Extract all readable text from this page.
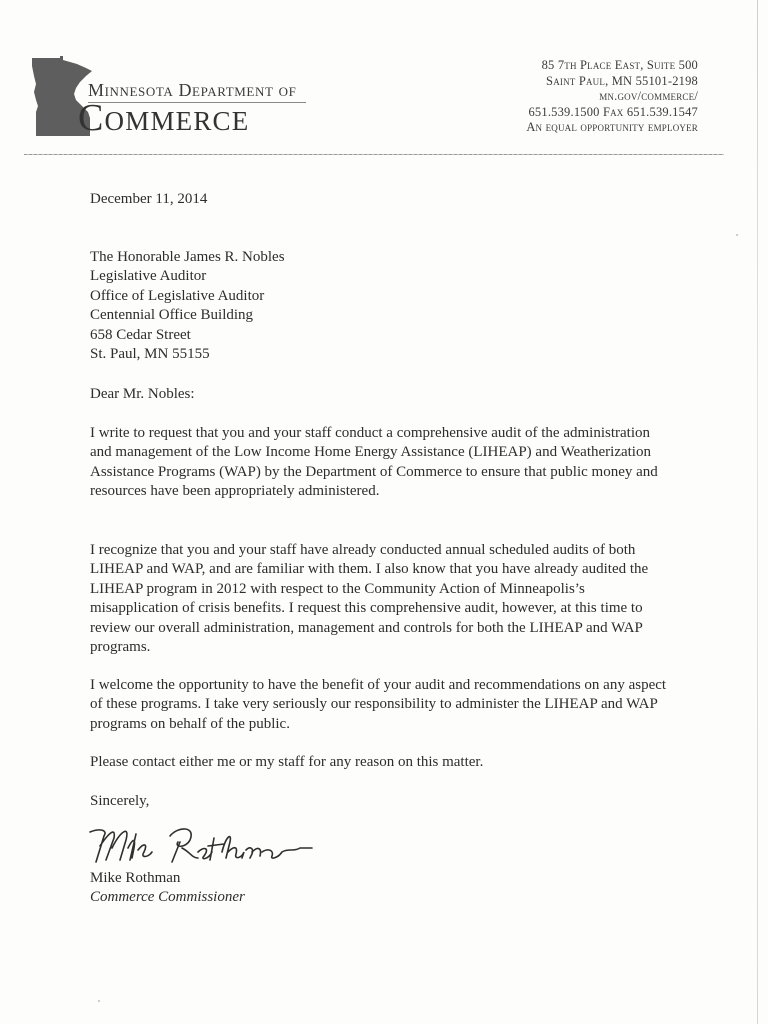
Minnesota Department of
Commerce
85 7th Place East, Suite 500
Saint Paul, MN 55101-2198
mn.gov/commerce/
651.539.1500 Fax 651.539.1547
An equal opportunity employer
December 11, 2014
The Honorable James R. Nobles
Legislative Auditor
Office of Legislative Auditor
Centennial Office Building
658 Cedar Street
St. Paul, MN 55155
Dear Mr. Nobles:

I write to request that you and your staff conduct a comprehensive audit of the administration and management of the Low Income Home Energy Assistance (LIHEAP) and Weatherization Assistance Programs (WAP) by the Department of Commerce to ensure that public money and resources have been appropriately administered.

I recognize that you and your staff have already conducted annual scheduled audits of both LIHEAP and WAP, and are familiar with them. I also know that you have already audited the LIHEAP program in 2012 with respect to the Community Action of Minneapolis’s misapplication of crisis benefits. I request this comprehensive audit, however, at this time to review our overall administration, management and controls for both the LIHEAP and WAP programs.

I welcome the opportunity to have the benefit of your audit and recommendations on any aspect of these programs. I take very seriously our responsibility to administer the LIHEAP and WAP programs on behalf of the public.

Please contact either me or my staff for any reason on this matter.

Sincerely,
Mike Rothman
Commerce Commissioner
